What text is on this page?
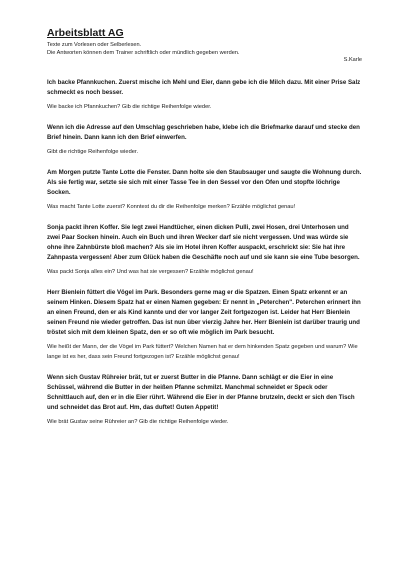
Arbeitsblatt AG

Texte zum Vorlesen oder Selberlesen.

Die Antworten können dem Trainer schriftlich oder mündlich gegeben werden.

S.Karle

Ich backe Pfannkuchen. Zuerst mische ich Mehl und Eier, dann gebe ich die Milch dazu. Mit einer Prise Salz schmeckt es noch besser.

Wie backe ich Pfannkuchen? Gib die richtige Reihenfolge wieder.

Wenn ich die Adresse auf den Umschlag geschrieben habe, klebe ich die Briefmarke darauf und stecke den Brief hinein. Dann kann ich den Brief einwerfen.

Gibt die richtige Reihenfolge wieder.

Am Morgen putzte Tante Lotte die Fenster. Dann holte sie den Staubsauger und saugte die Wohnung durch. Als sie fertig war, setzte sie sich mit einer Tasse Tee in den Sessel vor den Ofen und stopfte löchrige Socken.

Was macht Tante Lotte zuerst? Konntest du dir die Reihenfolge merken? Erzähle möglichst genau!

Sonja packt ihren Koffer. Sie legt zwei Handtücher, einen dicken Pulli, zwei Hosen, drei Unterhosen und zwei Paar Socken hinein. Auch ein Buch und ihren Wecker darf sie nicht vergessen. Und was würde sie ohne ihre Zahnbürste bloß machen? Als sie im Hotel ihren Koffer auspackt, erschrickt sie: Sie hat ihre Zahnpasta vergessen! Aber zum Glück haben die Geschäfte noch auf und sie kann sie eine Tube besorgen.

Was packt Sonja alles ein? Und was hat sie vergessen? Erzähle möglichst genau!

Herr Bienlein füttert die Vögel im Park. Besonders gerne mag er die Spatzen. Einen Spatz erkennt er an seinem Hinken. Diesem Spatz hat er einen Namen gegeben: Er nennt in „Peterchen". Peterchen erinnert ihn an einen Freund, den er als Kind kannte und der vor langer Zeit fortgezogen ist. Leider hat Herr Bienlein seinen Freund nie wieder getroffen. Das ist nun über vierzig Jahre her. Herr Bienlein ist darüber traurig und tröstet sich mit dem kleinen Spatz, den er so oft wie möglich im Park besucht.

Wie heißt der Mann, der die Vögel im Park füttert? Welchen Namen hat er dem hinkenden Spatz gegeben und warum? Wie lange ist es her, dass sein Freund fortgezogen ist? Erzähle möglichst genau!

Wenn sich Gustav Rühreier brät, tut er zuerst Butter in die Pfanne. Dann schlägt er die Eier in eine Schüssel, während die Butter in der heißen Pfanne schmilzt. Manchmal schneidet er Speck oder Schnittlauch auf, den er in die Eier rührt. Während die Eier in der Pfanne brutzeln, deckt er sich den Tisch und schneidet das Brot auf. Hm, das duftet! Guten Appetit!

Wie brät Gustav seine Rühreier an? Gib die richtige Reihenfolge wieder.
